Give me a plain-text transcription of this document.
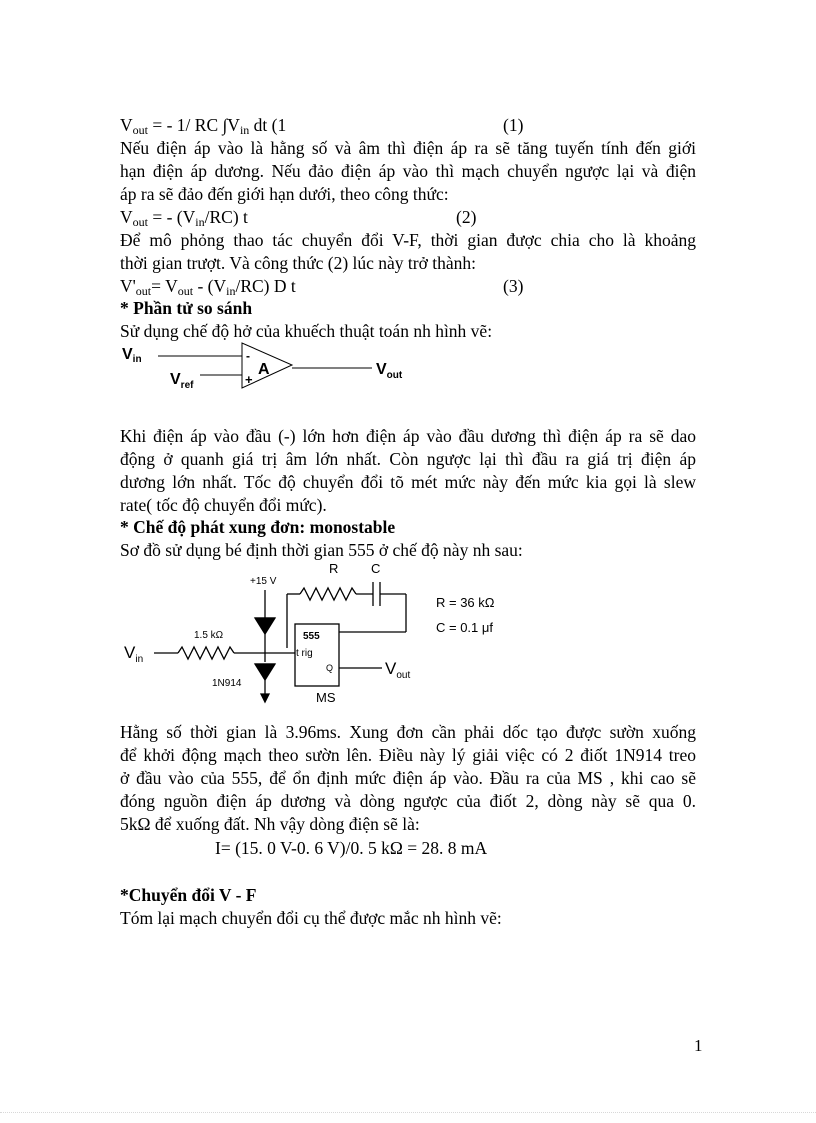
$V_{out}$ = - 1/ RC $\int V_{in}$ dt (1	(1)
Nếu điện áp vào là hằng số và âm thì điện áp ra sẽ tăng tuyến tính đến giới
hạn điện áp dương. Nếu đảo điện áp vào thì mạch chuyển ngược lại và điện
áp ra sẽ đảo đến giới hạn dưới, theo công thức:
$V_{out}$ = - $(V_{in}/RC)$ t	(2)
Để mô phỏng thao tác chuyển đổi V-F, thời gian được chia cho là khoảng
thời gian trượt. Và công thức (2) lúc này trở thành:
$V'_{out}= V_{out} - (V_{in}/RC)$ D t	(3)
* Phần tử so sánh
Sử dụng chế độ hở của khuếch thuật toán nh hình vẽ:
Vin
$V_{ref}$
$V_{out}$
A
-
+
Khi điện áp vào đầu (-) lớn hơn điện áp vào đầu dương thì điện áp ra sẽ dao
động ở quanh giá trị âm lớn nhất. Còn ngược lại thì đầu ra giá trị điện áp
dương lớn nhất. Tốc độ chuyển đổi tõ mét mức này đến mức kia gọi là slew
rate( tốc độ chuyển đổi mức).
* Chế độ phát xung đơn: monostable
Sơ đồ sử dụng bé định thời gian 555 ở chế độ này nh sau:
+15 V
R	C
R = 36 kΩ
C = 0.1 μf
1.5 kΩ
1N914
$V_{in}$
555
t rig
Q	$V_{out}$
MS
Hằng số thời gian là 3.96ms. Xung đơn cần phải dốc tạo được sườn xuống
để khởi động mạch theo sườn lên. Điều này lý giải việc có 2 điốt 1N914 treo
ở đầu vào của 555, để ổn định mức điện áp vào. Đầu ra của MS , khi cao sẽ
đóng nguồn điện áp dương và dòng ngược của điốt 2, dòng này sẽ qua 0.
5kΩ để xuống đất. Nh vậy dòng điện sẽ là:
I= (15. 0 V-0. 6 V)/0. 5 kΩ = 28. 8 mA
*Chuyển đổi V - F
Tóm lại mạch chuyển đổi cụ thể được mắc nh hình vẽ:
1
